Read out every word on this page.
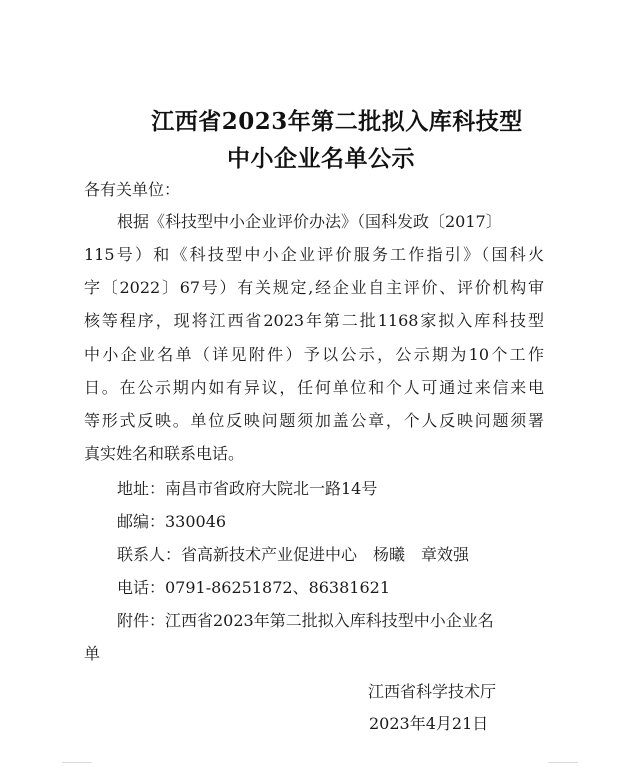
江西省2023年第二批拟入库科技型
中小企业名单公示
各有关单位：
根据《科技型中小企业评价办法》（国科发政〔2017〕
115号）和《科技型中小企业评价服务工作指引》（国科火
字〔2022〕67号）有关规定,经企业自主评价、评价机构审
核等程序，现将江西省2023年第二批1168家拟入库科技型
中小企业名单（详见附件）予以公示，公示期为10个工作
日。在公示期内如有异议，任何单位和个人可通过来信来电
等形式反映。单位反映问题须加盖公章，个人反映问题须署
真实姓名和联系电话。
地址：南昌市省政府大院北一路14号
邮编：330046
联系人：省高新技术产业促进中心　杨曦　章效强
电话：0791-86251872、86381621
附件：江西省2023年第二批拟入库科技型中小企业名
单
江西省科学技术厅
2023年4月21日
